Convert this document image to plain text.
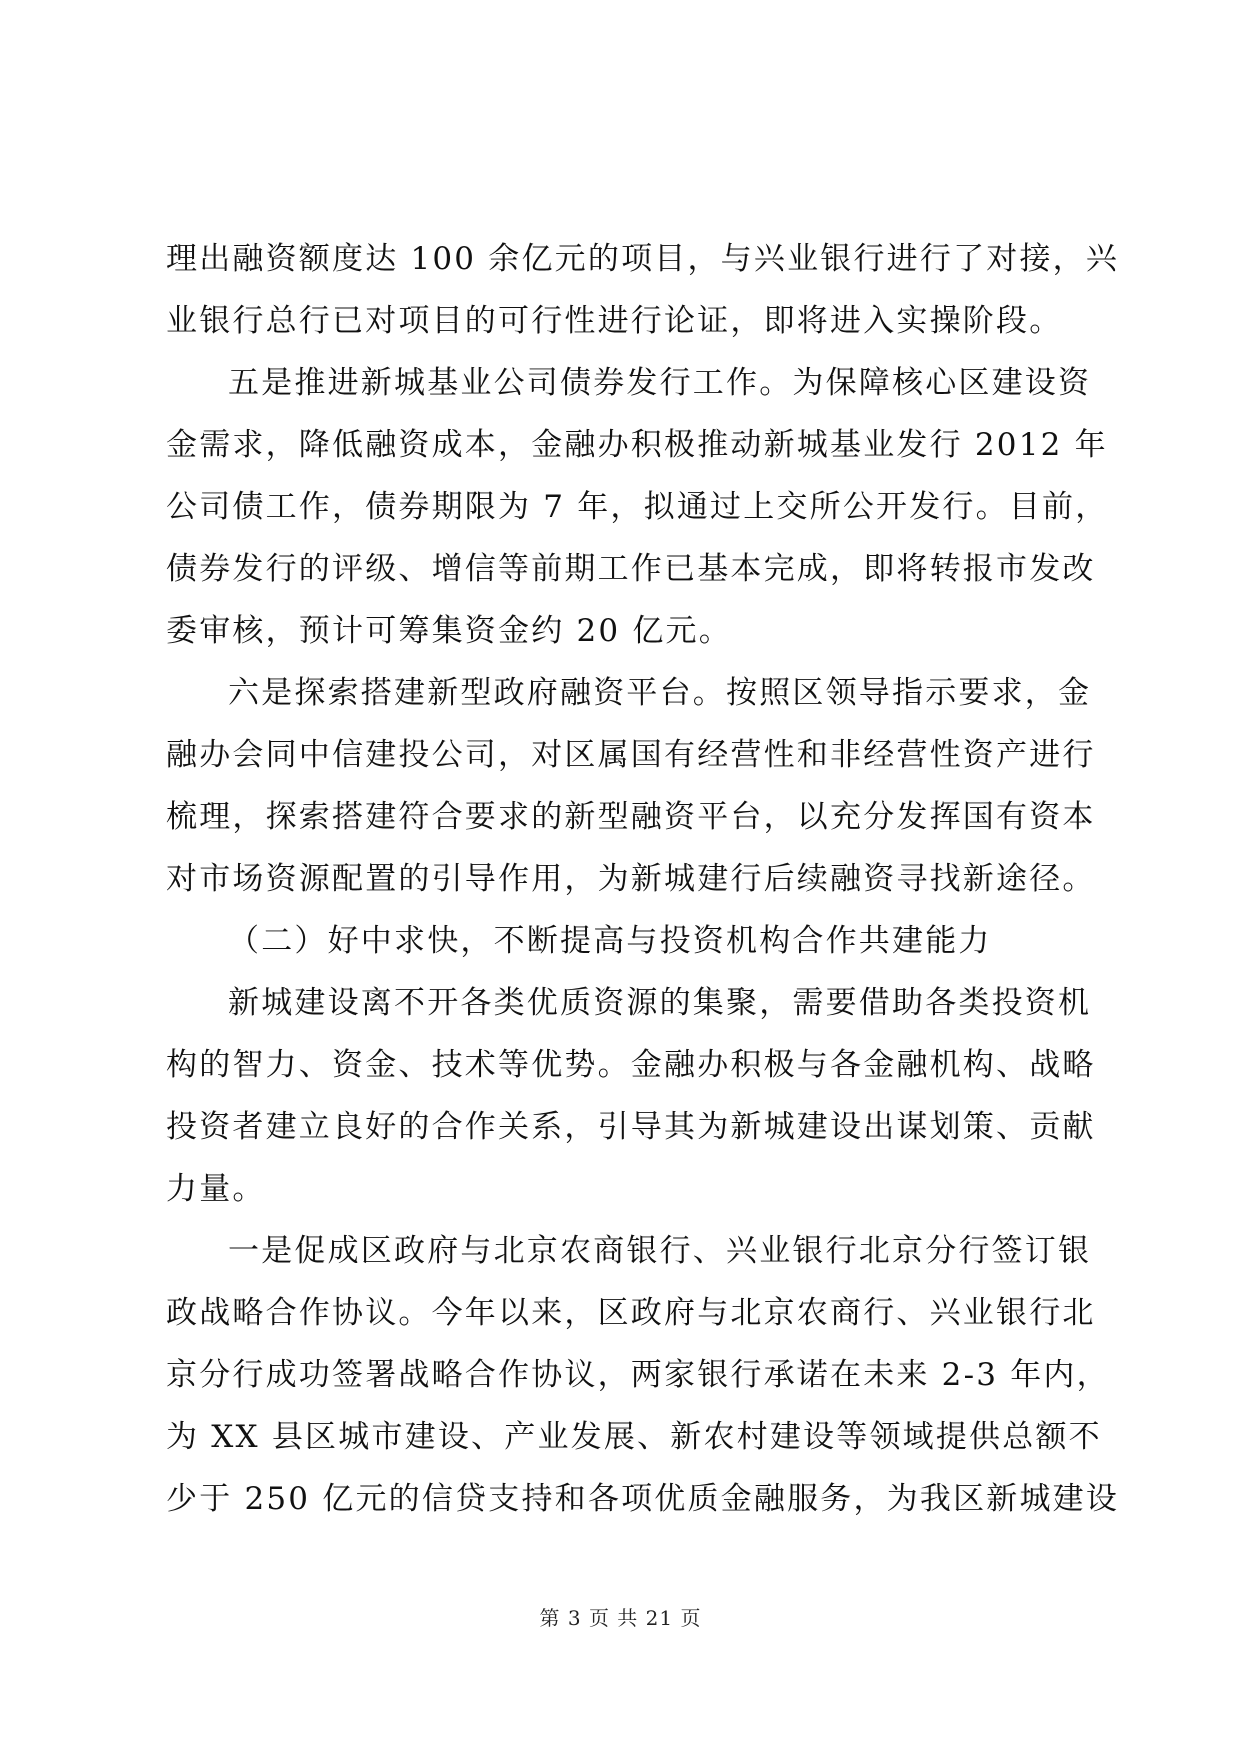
理出融资额度达 100 余亿元的项目，与兴业银行进行了对接，兴
业银行总行已对项目的可行性进行论证，即将进入实操阶段。
五是推进新城基业公司债券发行工作。为保障核心区建设资
金需求，降低融资成本，金融办积极推动新城基业发行 2012 年
公司债工作，债券期限为 7 年，拟通过上交所公开发行。目前，
债券发行的评级、增信等前期工作已基本完成，即将转报市发改
委审核，预计可筹集资金约 20 亿元。
六是探索搭建新型政府融资平台。按照区领导指示要求，金
融办会同中信建投公司，对区属国有经营性和非经营性资产进行
梳理，探索搭建符合要求的新型融资平台，以充分发挥国有资本
对市场资源配置的引导作用，为新城建行后续融资寻找新途径。
（二）好中求快，不断提高与投资机构合作共建能力
新城建设离不开各类优质资源的集聚，需要借助各类投资机
构的智力、资金、技术等优势。金融办积极与各金融机构、战略
投资者建立良好的合作关系，引导其为新城建设出谋划策、贡献
力量。
一是促成区政府与北京农商银行、兴业银行北京分行签订银
政战略合作协议。今年以来，区政府与北京农商行、兴业银行北
京分行成功签署战略合作协议，两家银行承诺在未来 2-3 年内，
为 XX 县区城市建设、产业发展、新农村建设等领域提供总额不
少于 250 亿元的信贷支持和各项优质金融服务，为我区新城建设
第 3 页 共 21 页
